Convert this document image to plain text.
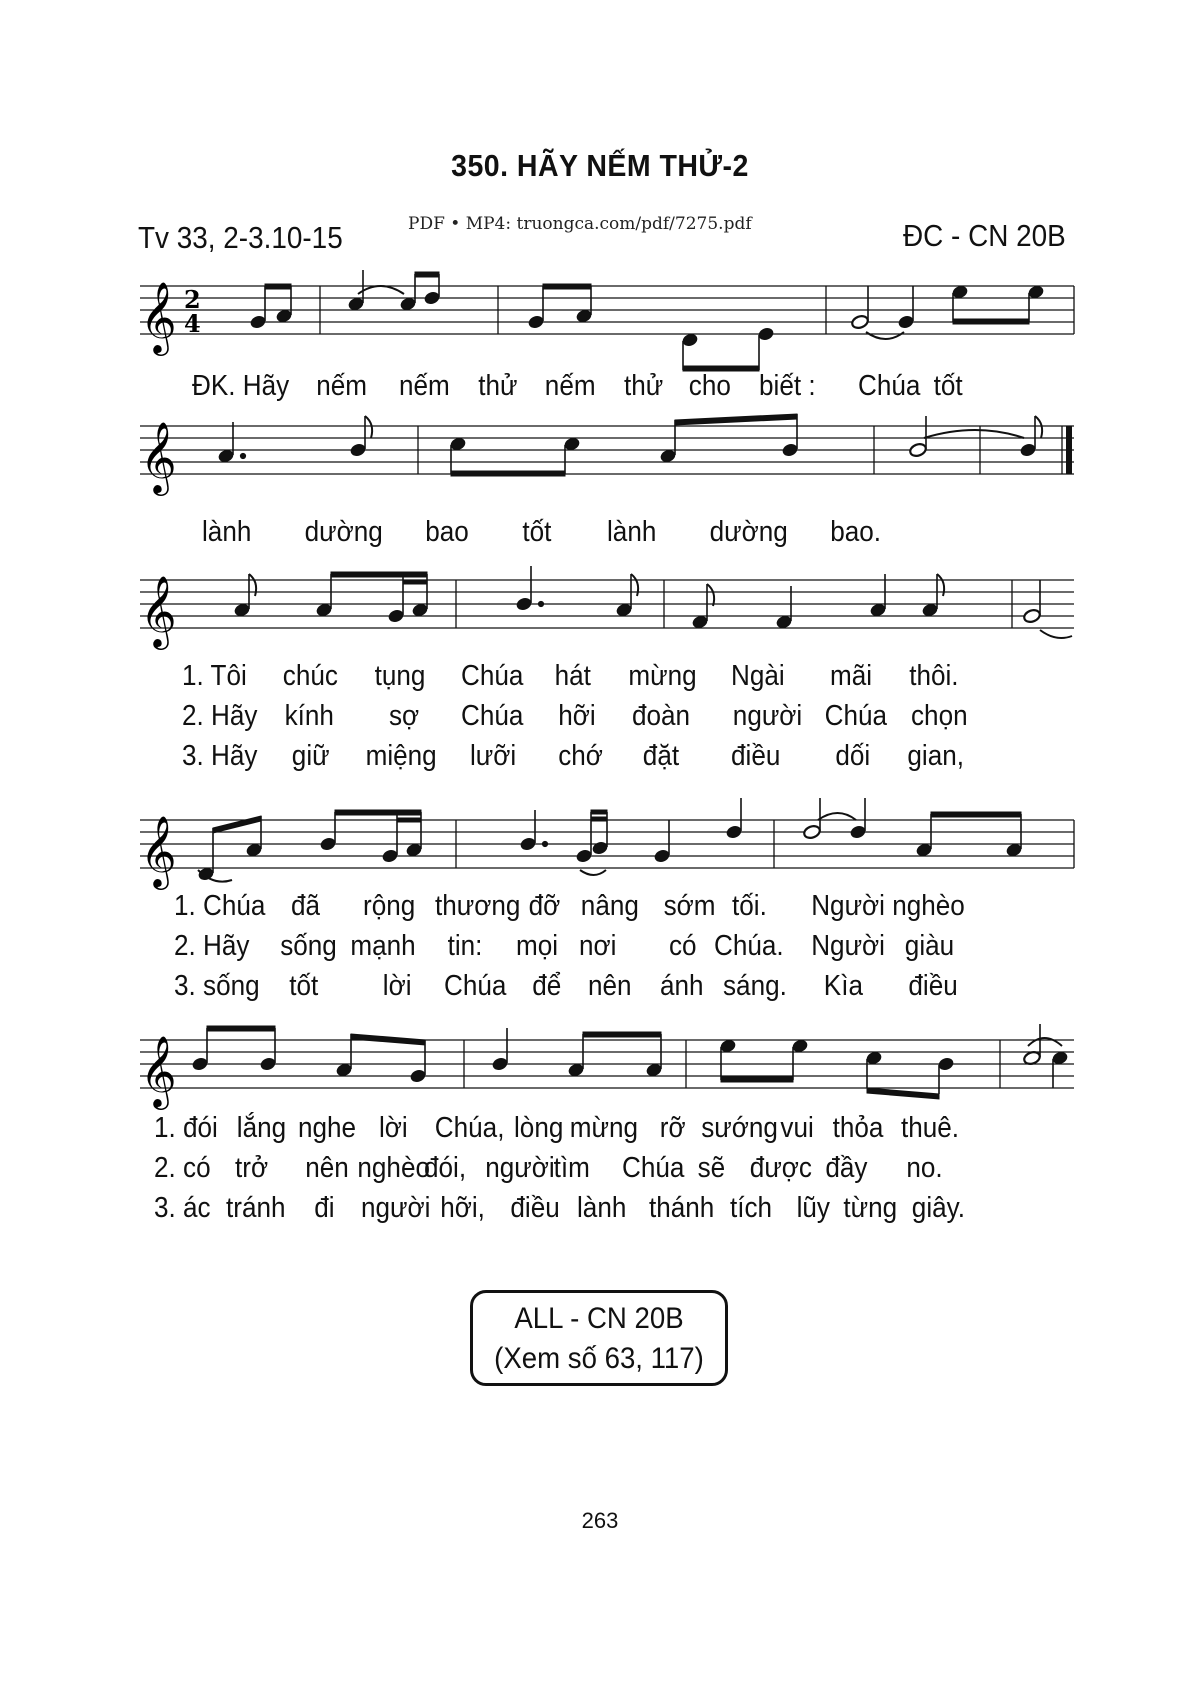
350. HÃY NẾM THỬ-2
Tv 33, 2-3.10-15	PDF • MP4: truongca.com/pdf/7275.pdf	ĐC - CN 20B
𝄞 2
4
ĐK. Hãy nếm nếm thử nếm thử cho biết : Chúa tốt
𝄞
lành dường bao tốt lành dường bao.
𝄞
1. Tôi chúc tụng Chúa hát mừng Ngài mãi thôi.
2. Hãy kính sợ Chúa hỡi đoàn người Chúa chọn
3. Hãy giữ miệng lưỡi chớ đặt điều dối gian,
𝄞
1. Chúa đã rộng thương đỡ nâng sớm tối. Người nghèo
2. Hãy sống mạnh tin: mọi nơi có Chúa. Người giàu
3. sống tốt lời Chúa để nên ánh sáng. Kìa điều
𝄞
1. đói lắng nghe lời Chúa, lòng mừng rỡ sướng vui thỏa thuê.
2. có trở nên nghèo
đói, người
tìm Chúa sẽ được đầy no.
3. ác tránh đi người hỡi, điều lành thánh tích lũy từng giây.
ALL - CN 20B
(Xem số 63, 117)
263
